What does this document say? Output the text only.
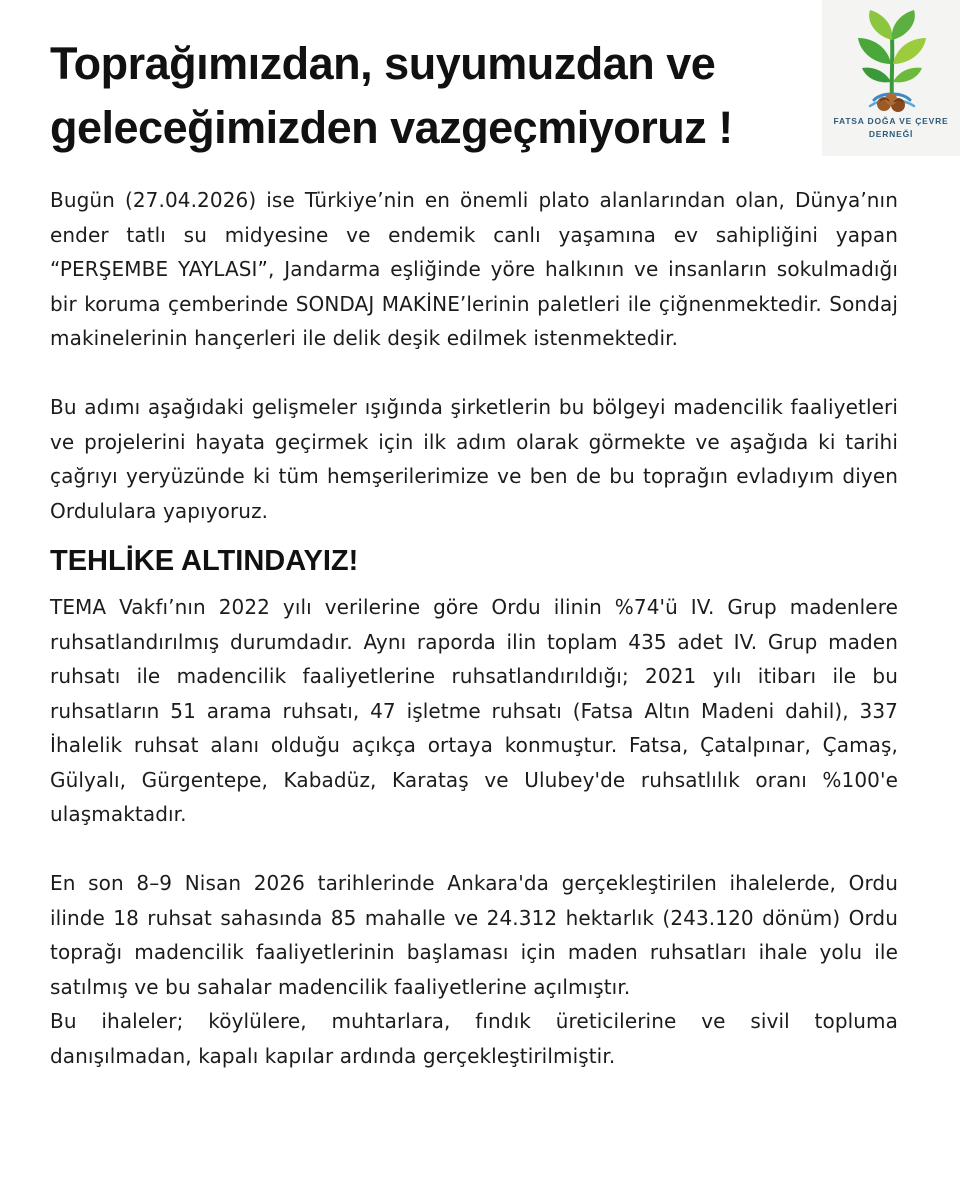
Toprağımızdan, suyumuzdan ve
geleceğimizden vazgeçmiyoruz !	FATSA DOĞA VE ÇEVRE
DERNEĞİ

Bugün (27.04.2026) ise Türkiye’nin en önemli plato alanlarından olan, Dünya’nın ender tatlı su midyesine ve endemik canlı yaşamına ev sahipliğini yapan “PERŞEMBE YAYLASI”, Jandarma eşliğinde yöre halkının ve insanların sokulmadığı bir koruma çemberinde SONDAJ MAKİNE’lerinin paletleri ile çiğnenmektedir. Sondaj makinelerinin hançerleri ile delik deşik edilmek istenmektedir.

Bu adımı aşağıdaki gelişmeler ışığında şirketlerin bu bölgeyi madencilik faaliyetleri ve projelerini hayata geçirmek için ilk adım olarak görmekte ve aşağıda ki tarihi çağrıyı yeryüzünde ki tüm hemşerilerimize ve ben de bu toprağın evladıyım diyen Ordululara yapıyoruz.

TEHLİKE ALTINDAYIZ!

TEMA Vakfı’nın 2022 yılı verilerine göre Ordu ilinin %74'ü IV. Grup madenlere ruhsatlandırılmış durumdadır. Aynı raporda ilin toplam 435 adet IV. Grup maden ruhsatı ile madencilik faaliyetlerine ruhsatlandırıldığı; 2021 yılı itibarı ile bu ruhsatların 51 arama ruhsatı, 47 işletme ruhsatı (Fatsa Altın Madeni dahil), 337 İhalelik ruhsat alanı olduğu açıkça ortaya konmuştur. Fatsa, Çatalpınar, Çamaş, Gülyalı, Gürgentepe, Kabadüz, Karataş ve Ulubey'de ruhsatlılık oranı %100'e ulaşmaktadır.

En son 8–9 Nisan 2026 tarihlerinde Ankara'da gerçekleştirilen ihalelerde, Ordu ilinde 18 ruhsat sahasında 85 mahalle ve 24.312 hektarlık (243.120 dönüm) Ordu toprağı madencilik faaliyetlerinin başlaması için maden ruhsatları ihale yolu ile satılmış ve bu sahalar madencilik faaliyetlerine açılmıştır.

Bu ihaleler; köylülere, muhtarlara, fındık üreticilerine ve sivil topluma danışılmadan, kapalı kapılar ardında gerçekleştirilmiştir.
